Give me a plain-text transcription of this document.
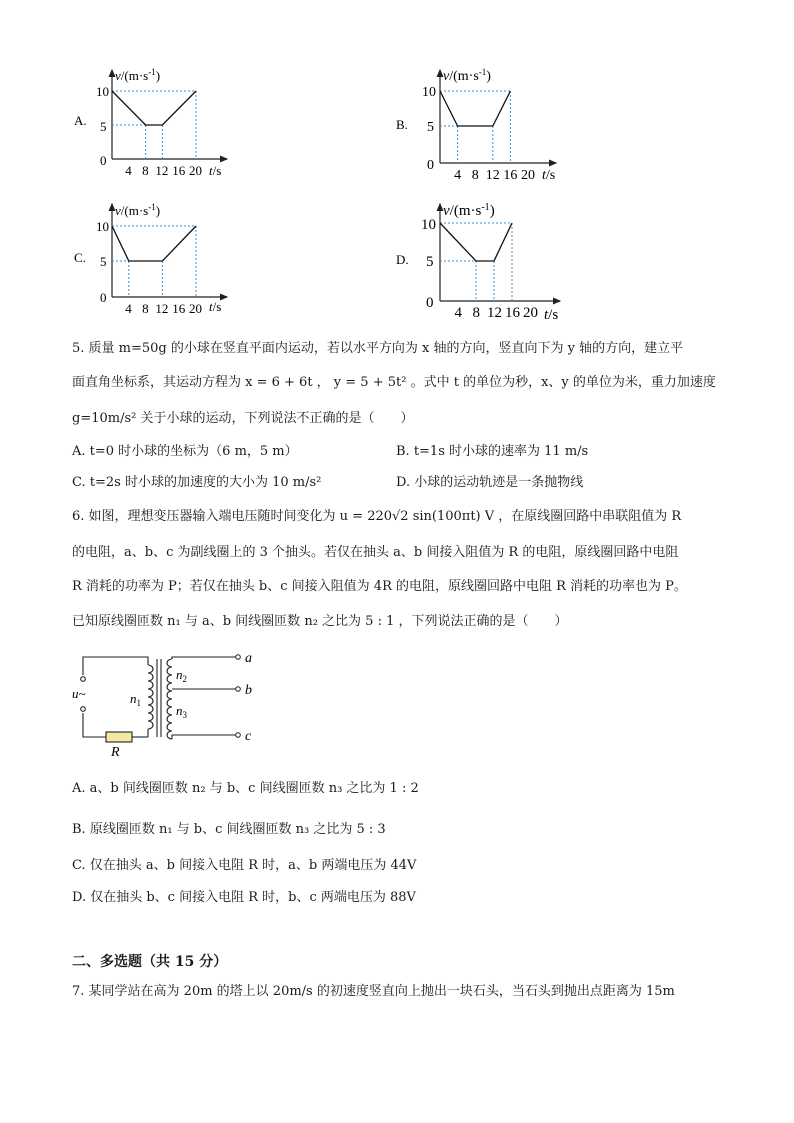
A.
$v/(m\cdot s^{-1})$
10
5
0
4 8 12 16 20 t/s
B.
$v/(m\cdot s^{-1})$
10
5
0
4 8 12 16 20 t/s
C.
$v/(m\cdot s^{-1})$
10
5
0
4 8 12 16 20 t/s
D.
$v/(m\cdot s^{-1})$
10
5
0
4 8 12 16 20 t/s
5. 质量 m=50g 的小球在竖直平面内运动，若以水平方向为 x 轴的方向，竖直向下为 y 轴的方向，建立平
面直角坐标系，其运动方程为 x = 6 + 6t ， y = 5 + 5t² 。式中 t 的单位为秒，x、y 的单位为米，重力加速度
g=10m/s² 关于小球的运动，下列说法不正确的是（　　）
A. t=0 时小球的坐标为（6 m，5 m）	B. t=1s 时小球的速率为 11 m/s
C. t=2s 时小球的加速度的大小为 10 m/s²	D. 小球的运动轨迹是一条抛物线
6. 如图，理想变压器输入端电压随时间变化为 u = 220√2 sin(100πt) V ，在原线圈回路中串联阻值为 R
的电阻，a、b、c 为副线圈上的 3 个抽头。若仅在抽头 a、b 间接入阻值为 R 的电阻，原线圈回路中电阻
R 消耗的功率为 P；若仅在抽头 b、c 间接入阻值为 4R 的电阻，原线圈回路中电阻 R 消耗的功率也为 P。
已知原线圈匝数 n₁ 与 a、b 间线圈匝数 n₂ 之比为 5 : 1 ，下列说法正确的是（　　）
u~	$n_1$
$n_2$
$n_3$
a
b
c
R
A. a、b 间线圈匝数 n₂ 与 b、c 间线圈匝数 n₃ 之比为 1 : 2
B. 原线圈匝数 n₁ 与 b、c 间线圈匝数 n₃ 之比为 5 : 3
C. 仅在抽头 a、b 间接入电阻 R 时，a、b 两端电压为 44V
D. 仅在抽头 b、c 间接入电阻 R 时，b、c 两端电压为 88V
二、多选题（共 15 分）
7. 某同学站在高为 20m 的塔上以 20m/s 的初速度竖直向上抛出一块石头，当石头到抛出点距离为 15m
